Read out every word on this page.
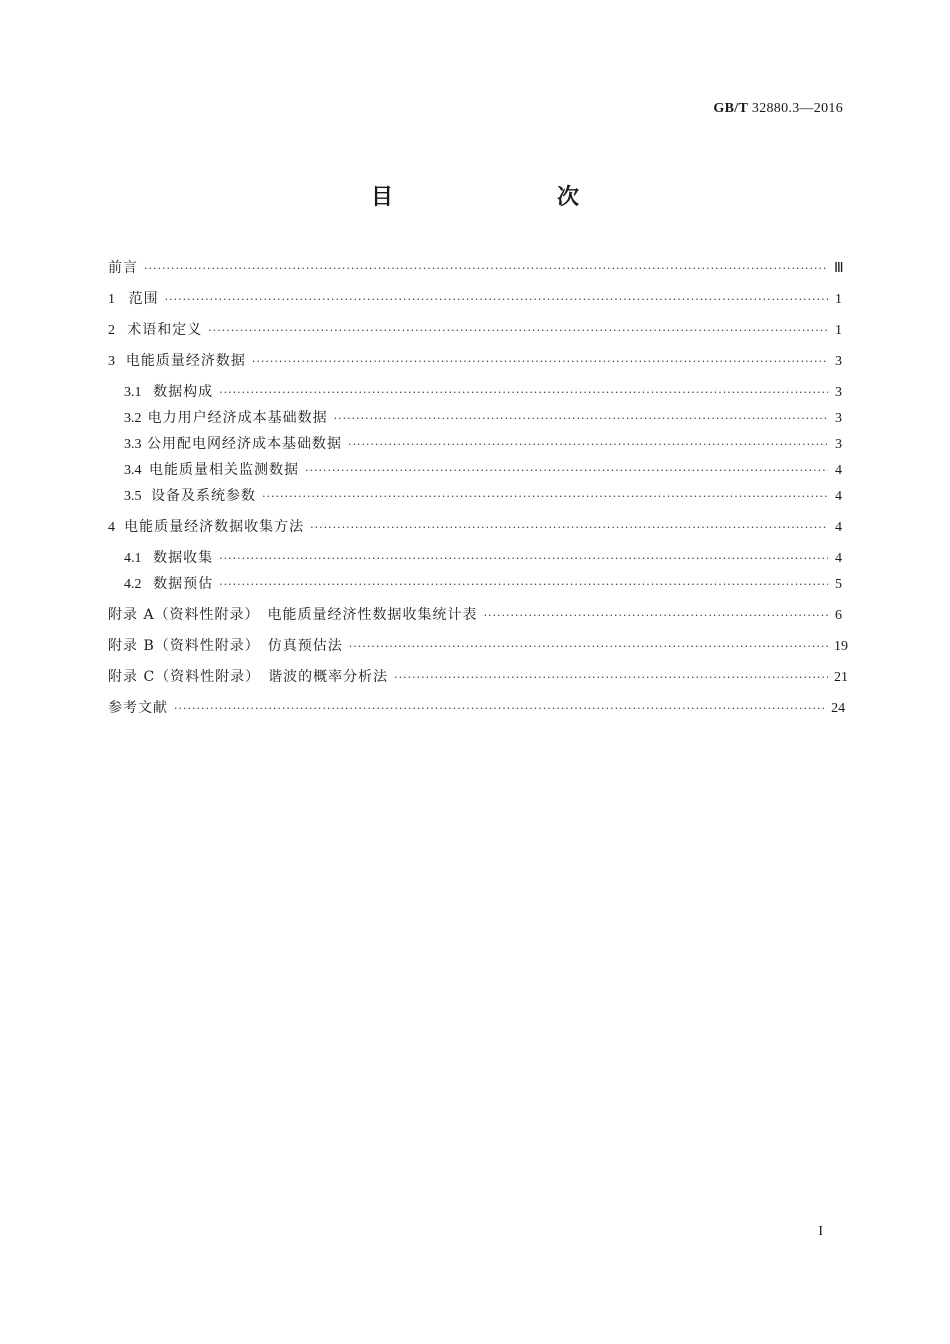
GB/T 32880.3—2016
目　　次
前言 ·····	Ⅲ
1 范围 ·····	1
2 术语和定义 ·····	1
3 电能质量经济数据 ·····	3
3.1 数据构成 ·····	3
3.2 电力用户经济成本基础数据 ·····	3
3.3 公用配电网经济成本基础数据 ·····	3
3.4 电能质量相关监测数据 ·····	4
3.5 设备及系统参数 ·····	4
4 电能质量经济数据收集方法 ·····	4
4.1 数据收集 ·····	4
4.2 数据预估 ·····	5
附录 A（资料性附录）　电能质量经济性数据收集统计表 ·····	6
附录 B（资料性附录）　仿真预估法 ·····	19
附录 C（资料性附录）　谐波的概率分析法 ·····	21
参考文献 ·····	24
I
